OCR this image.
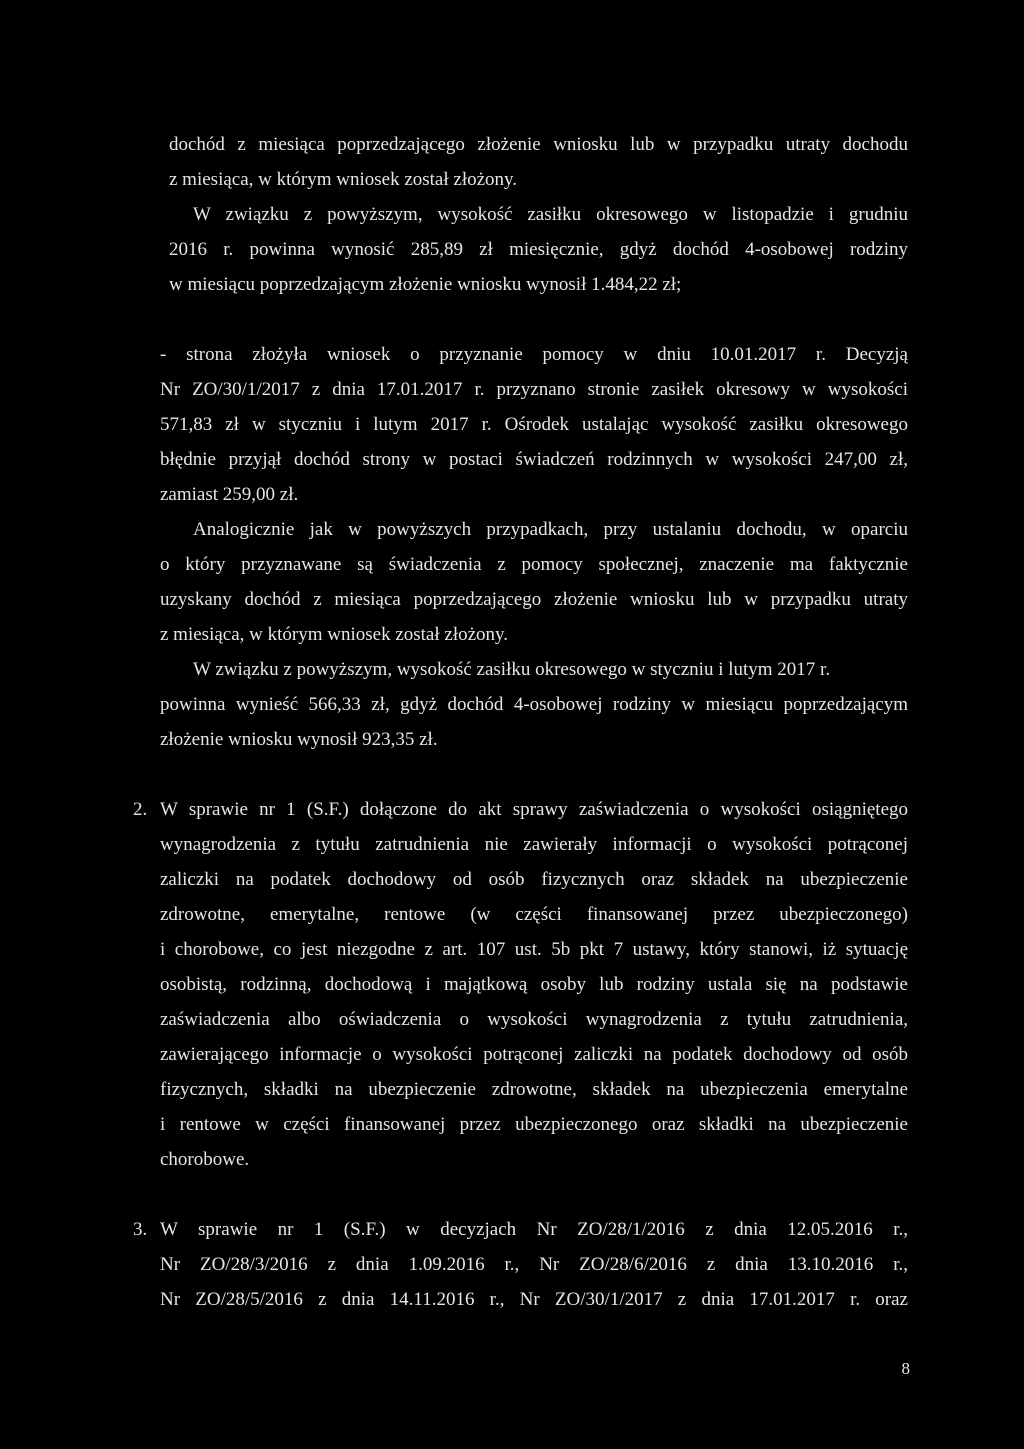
dochód z miesiąca poprzedzającego złożenie wniosku lub w przypadku utraty dochodu
z miesiąca, w którym wniosek został złożony.
W związku z powyższym, wysokość zasiłku okresowego w listopadzie i grudniu
2016 r. powinna wynosić 285,89 zł miesięcznie, gdyż dochód 4-osobowej rodziny
w miesiącu poprzedzającym złożenie wniosku wynosił 1.484,22 zł;
- strona złożyła wniosek o przyznanie pomocy w dniu 10.01.2017 r. Decyzją
Nr ZO/30/1/2017 z dnia 17.01.2017 r. przyznano stronie zasiłek okresowy w wysokości
571,83 zł w styczniu i lutym 2017 r. Ośrodek ustalając wysokość zasiłku okresowego
błędnie przyjął dochód strony w postaci świadczeń rodzinnych w wysokości 247,00 zł,
zamiast 259,00 zł.
Analogicznie jak w powyższych przypadkach, przy ustalaniu dochodu, w oparciu
o który przyznawane są świadczenia z pomocy społecznej, znaczenie ma faktycznie
uzyskany dochód z miesiąca poprzedzającego złożenie wniosku lub w przypadku utraty
z miesiąca, w którym wniosek został złożony.
W związku z powyższym, wysokość zasiłku okresowego w styczniu i lutym 2017 r.
powinna wynieść 566,33 zł, gdyż dochód 4-osobowej rodziny w miesiącu poprzedzającym
złożenie wniosku wynosił 923,35 zł.
2. W sprawie nr 1 (S.F.) dołączone do akt sprawy zaświadczenia o wysokości osiągniętego
wynagrodzenia z tytułu zatrudnienia nie zawierały informacji o wysokości potrąconej
zaliczki na podatek dochodowy od osób fizycznych oraz składek na ubezpieczenie
zdrowotne, emerytalne, rentowe (w części finansowanej przez ubezpieczonego)
i chorobowe, co jest niezgodne z art. 107 ust. 5b pkt 7 ustawy, który stanowi, iż sytuację
osobistą, rodzinną, dochodową i majątkową osoby lub rodziny ustala się na podstawie
zaświadczenia albo oświadczenia o wysokości wynagrodzenia z tytułu zatrudnienia,
zawierającego informacje o wysokości potrąconej zaliczki na podatek dochodowy od osób
fizycznych, składki na ubezpieczenie zdrowotne, składek na ubezpieczenia emerytalne
i rentowe w części finansowanej przez ubezpieczonego oraz składki na ubezpieczenie
chorobowe.
3. W sprawie nr 1 (S.F.) w decyzjach Nr ZO/28/1/2016 z dnia 12.05.2016 r.,
Nr ZO/28/3/2016 z dnia 1.09.2016 r., Nr ZO/28/6/2016 z dnia 13.10.2016 r.,
Nr ZO/28/5/2016 z dnia 14.11.2016 r., Nr ZO/30/1/2017 z dnia 17.01.2017 r. oraz
8
